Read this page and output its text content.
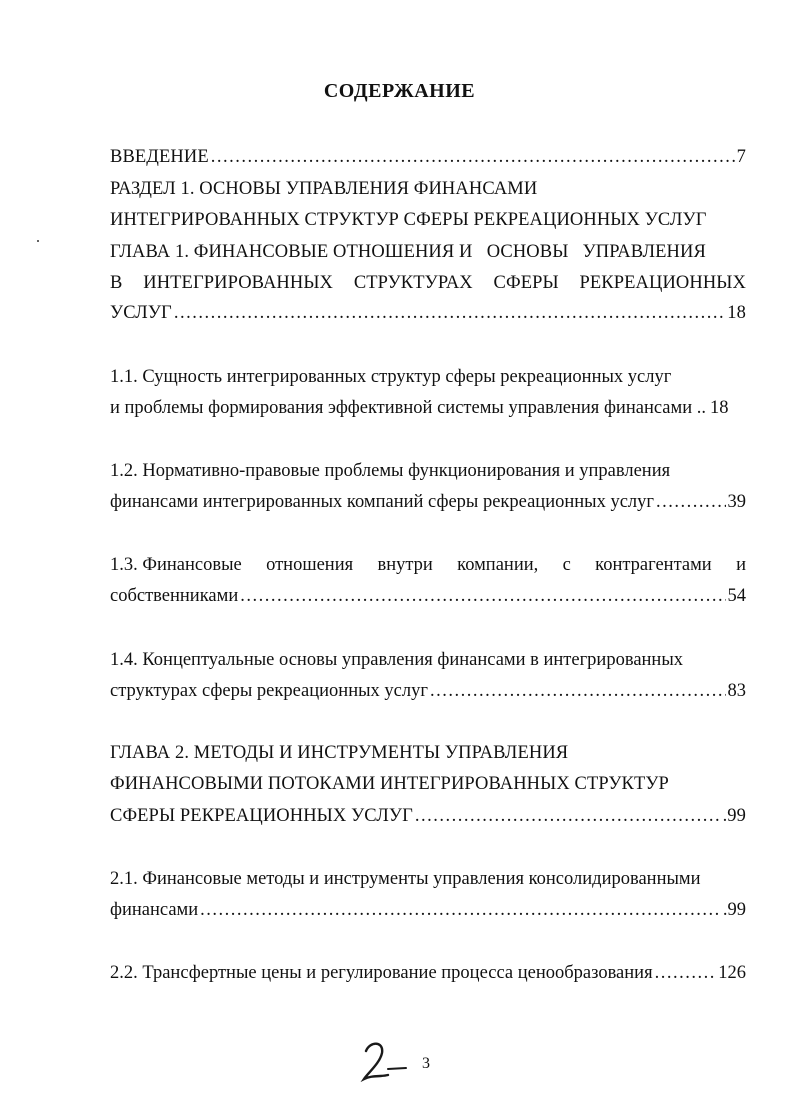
СОДЕРЖАНИЕ
ВВЕДЕНИЕ .....	7
РАЗДЕЛ 1. ОСНОВЫ УПРАВЛЕНИЯ ФИНАНСАМИ
ИНТЕГРИРОВАННЫХ СТРУКТУР СФЕРЫ РЕКРЕАЦИОННЫХ УСЛУГ
ГЛАВА 1. ФИНАНСОВЫЕ ОТНОШЕНИЯ И ОСНОВЫ УПРАВЛЕНИЯ
В ИНТЕГРИРОВАННЫХ СТРУКТУРАХ СФЕРЫ РЕКРЕАЦИОННЫХ
УСЛУГ .....	18
1.1. Сущность интегрированных структур сферы рекреационных услуг
и проблемы формирования эффективной системы управления финансами .. 18
1.2. Нормативно-правовые проблемы функционирования и управления
финансами интегрированных компаний сферы рекреационных услуг .....	39
1.3. Финансовые отношения внутри компании, с контрагентами и
собственниками .....	54
1.4. Концептуальные основы управления финансами в интегрированных
структурах сферы рекреационных услуг .....	83
ГЛАВА 2. МЕТОДЫ И ИНСТРУМЕНТЫ УПРАВЛЕНИЯ
ФИНАНСОВЫМИ ПОТОКАМИ ИНТЕГРИРОВАННЫХ СТРУКТУР
СФЕРЫ РЕКРЕАЦИОННЫХ УСЛУГ .....	.99
2.1. Финансовые методы и инструменты управления консолидированными
финансами .....	.99
2.2. Трансфертные цены и регулирование процесса ценообразования .....	126
3
